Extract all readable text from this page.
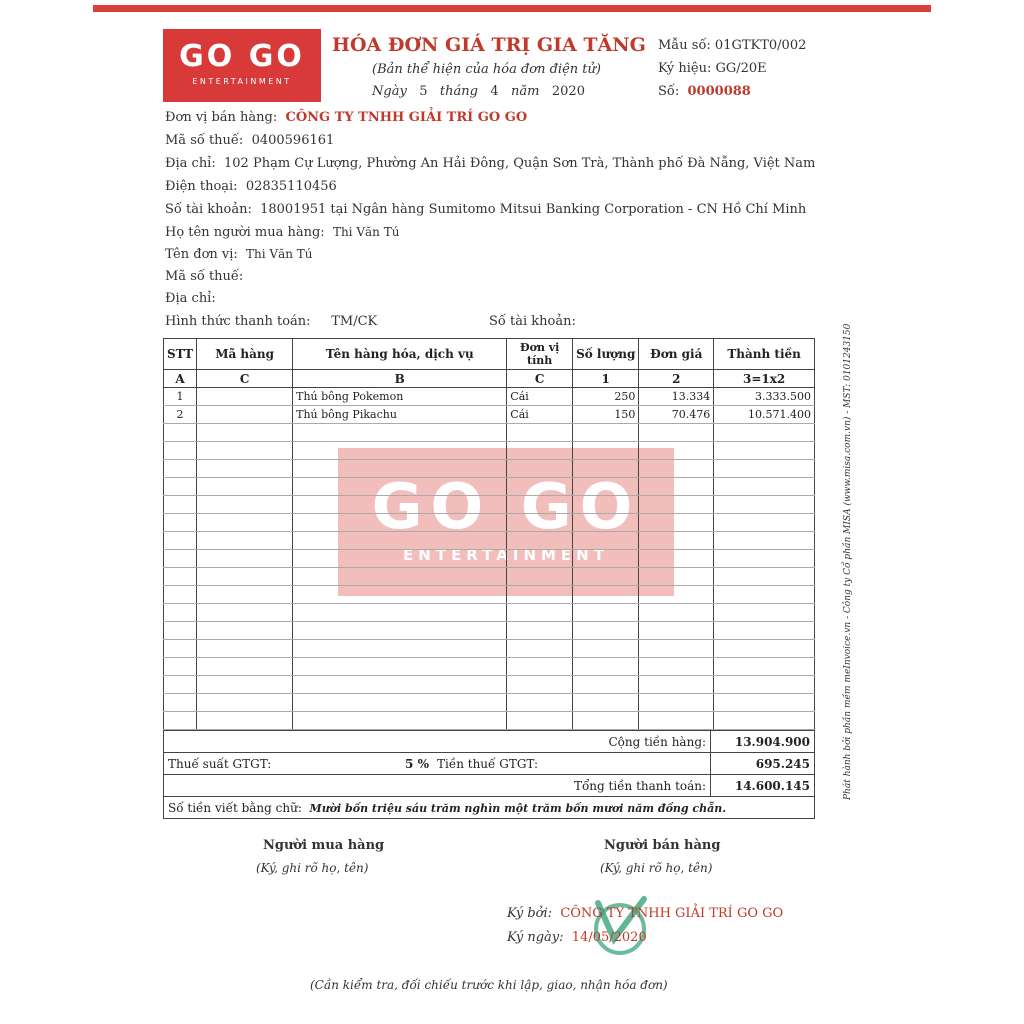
GO GO
ENTERTAINMENT
HÓA ĐƠN GIÁ TRỊ GIA TĂNG
(Bản thể hiện của hóa đơn điện tử)
Ngày 5 tháng 4 năm 2020
Mẫu số: 01GTKT0/002
Ký hiệu: GG/20E
Số: 0000088
Đơn vị bán hàng: CÔNG TY TNHH GIẢI TRÍ GO GO
Mã số thuế: 0400596161
Địa chỉ: 102 Phạm Cự Lượng, Phường An Hải Đông, Quận Sơn Trà, Thành phố Đà Nẵng, Việt Nam
Điện thoại: 02835110456
Số tài khoản: 18001951 tại Ngân hàng Sumitomo Mitsui Banking Corporation - CN Hồ Chí Minh
Họ tên người mua hàng: Thi Văn Tú
Tên đơn vị: Thi Văn Tú
Mã số thuế:
Địa chỉ:
Hình thức thanh toán: TM/CK	Số tài khoản:
GO GO
ENTERTAINMENT
STT	Mã hàng	Tên hàng hóa, dịch vụ	Đơn vị tính	Số lượng	Đơn giá	Thành tiền
A	C	B	C	1	2	3=1x2
1		Thú bông Pokemon	Cái	250	13.334	3.333.500
2		Thú bông Pikachu	Cái	150	70.476	10.571.400

	Cộng tiền hàng:	13.904.900
Thuế suất GTGT: 5 %	Tiền thuế GTGT:	695.245
	Tổng tiền thanh toán:	14.600.145
Số tiền viết bằng chữ: Mười bốn triệu sáu trăm nghìn một trăm bốn mươi năm đồng chẵn.		
Người mua hàng
(Ký, ghi rõ họ, tên)
Người bán hàng
(Ký, ghi rõ họ, tên)
Ký bởi: CÔNG TY TNHH GIẢI TRÍ GO GO
Ký ngày: 14/05/2020
(Cần kiểm tra, đối chiếu trước khi lập, giao, nhận hóa đơn)
Phát hành bởi phần mềm meInvoice.vn - Công ty Cổ phần MISA (www.misa.com.vn) - MST: 0101243150
